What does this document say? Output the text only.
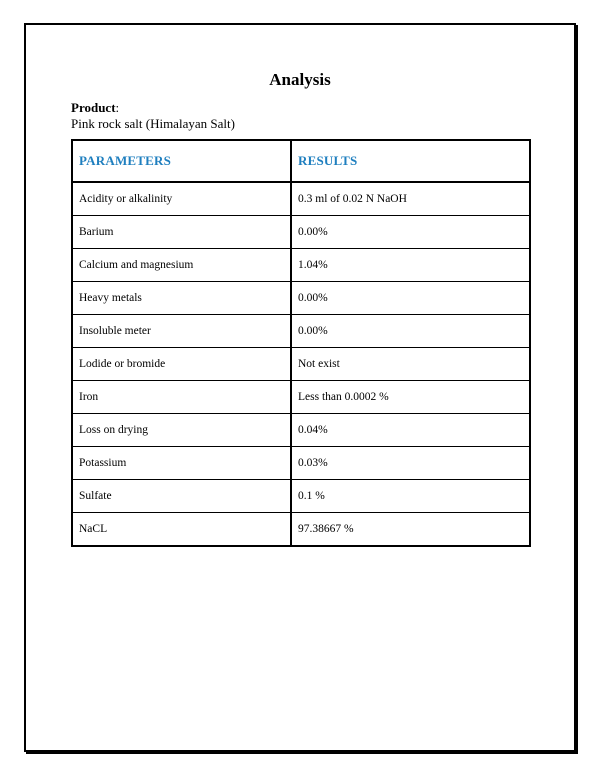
Analysis
Product:
Pink rock salt (Himalayan Salt)
PARAMETERS	RESULTS
Acidity or alkalinity	0.3 ml of 0.02 N NaOH
Barium	0.00%
Calcium and magnesium	1.04%
Heavy metals	0.00%
Insoluble meter	0.00%
Lodide or bromide	Not exist
Iron	Less than 0.0002 %
Loss on drying	0.04%
Potassium	0.03%
Sulfate	0.1 %
NaCL	97.38667 %
